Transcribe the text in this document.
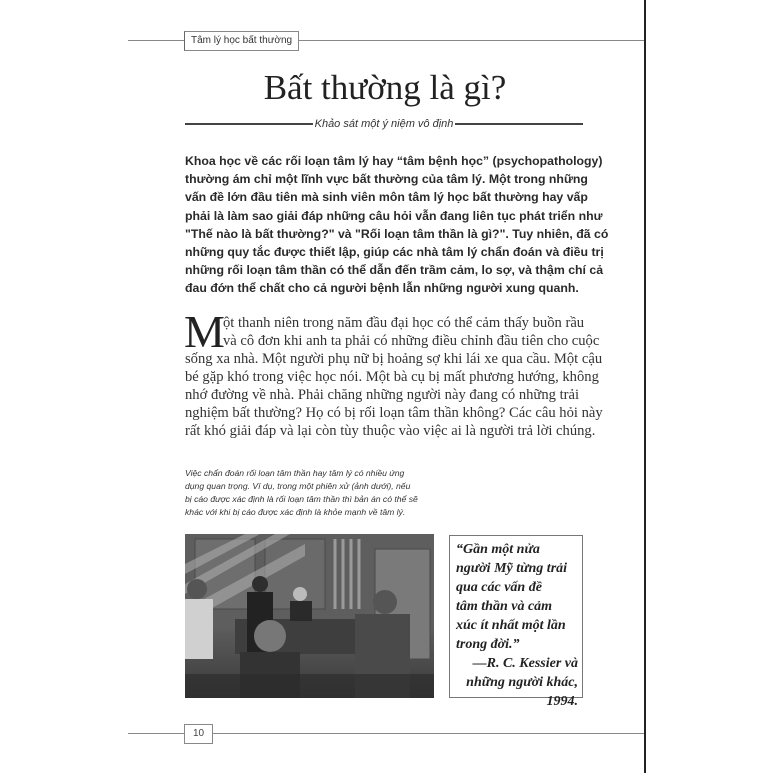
Tâm lý học bất thường
Bất thường là gì?
Khảo sát một ý niệm vô định
Khoa học về các rối loạn tâm lý hay “tâm bệnh học” (psychopathology)
thường ám chỉ một lĩnh vực bất thường của tâm lý. Một trong những
vấn đề lớn đầu tiên mà sinh viên môn tâm lý học bất thường hay vấp
phải là làm sao giải đáp những câu hỏi vẫn đang liên tục phát triển như
"Thế nào là bất thường?" và "Rối loạn tâm thần là gì?". Tuy nhiên, đã có
những quy tắc được thiết lập, giúp các nhà tâm lý chẩn đoán và điều trị
những rối loạn tâm thần có thể dẫn đến trầm cảm, lo sợ, và thậm chí cả
đau đớn thể chất cho cả người bệnh lẫn những người xung quanh.
M
ột thanh niên trong năm đầu đại học có thể cảm thấy buồn rầu
và cô đơn khi anh ta phải có những điều chỉnh đầu tiên cho cuộc
sống xa nhà. Một người phụ nữ bị hoảng sợ khi lái xe qua cầu. Một cậu
bé gặp khó trong việc học nói. Một bà cụ bị mất phương hướng, không
nhớ đường về nhà. Phải chăng những người này đang có những trải
nghiệm bất thường? Họ có bị rối loạn tâm thần không? Các câu hỏi này
rất khó giải đáp và lại còn tùy thuộc vào việc ai là người trả lời chúng.
Việc chẩn đoán rối loạn tâm thần hay tâm lý có nhiều ứng
dụng quan trọng. Ví dụ, trong một phiên xử (ảnh dưới), nếu
bị cáo được xác định là rối loạn tâm thần thì bản án có thể sẽ
khác với khi bị cáo được xác định là khỏe mạnh về tâm lý.
“Gần một nửa
người Mỹ từng trải
qua các vấn đề
tâm thần và cảm
xúc ít nhất một lần
trong đời.”
—R. C. Kessier và
những người khác,
1994.
10
